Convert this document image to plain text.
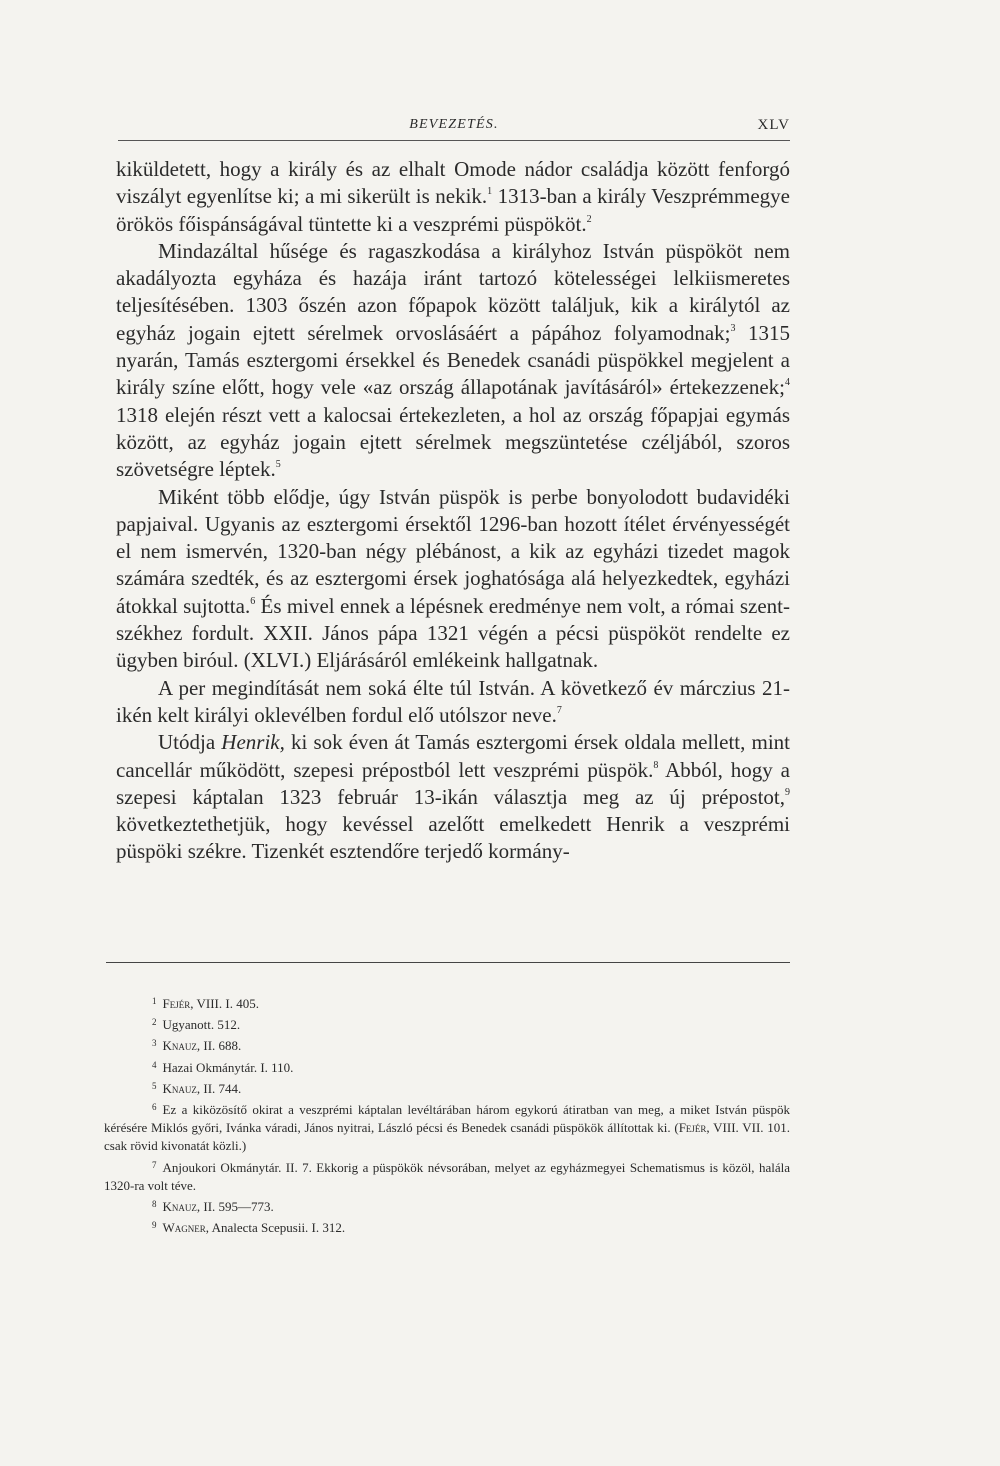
BEVEZETÉS.	XLV

kiküldetett, hogy a király és az elhalt Omode nádor családja között fenforgó viszályt egyenlítse ki; a mi sikerült is nekik.$^1$ 1313-ban a király Veszprémmegye örökös főispánságával tüntette ki a veszprémi püspököt.$^2$

Mindazáltal hűsége és ragaszkodása a királyhoz István püspököt nem akadályozta egyháza és hazája iránt tartozó kötelességei lelkiismeretes teljesítésében. 1303 őszén azon főpapok között találjuk, kik a királytól az egyház jogain ejtett sérelmek orvoslásáért a pápához folyamodnak;$^3$ 1315 nyarán, Tamás esztergomi érsekkel és Benedek csanádi püspökkel megjelent a király színe előtt, hogy vele «az ország állapotának javításáról» értekezzenek;$^4$ 1318 elején részt vett a kalocsai értekezleten, a hol az ország főpapjai egymás között, az egyház jogain ejtett sérelmek megszüntetése czéljából, szoros szövetségre léptek.$^5$

Miként több elődje, úgy István püspök is perbe bonyolodott budavidéki papjaival. Ugyanis az esztergomi érsektől 1296-ban hozott ítélet érvényességét el nem ismervén, 1320-ban négy plébánost, a kik az egyházi tizedet magok számára szedték, és az esztergomi érsek joghatósága alá helyezkedtek, egyházi átokkal sujtotta.$^6$ És mivel ennek a lépésnek eredménye nem volt, a római szent-székhez fordult. XXII. János pápa 1321 végén a pécsi püspököt rendelte ez ügyben biróul. (XLVI.) Eljárásáról emlékeink hallgatnak.

A per megindítását nem soká élte túl István. A következő év márczius 21-ikén kelt királyi oklevélben fordul elő utólszor neve.$^7$

Utódja Henrik, ki sok éven át Tamás esztergomi érsek oldala mellett, mint cancellár működött, szepesi prépostból lett veszprémi püspök.$^8$ Abból, hogy a szepesi káptalan 1323 február 13-ikán választja meg az új prépostot,$^9$ következtethetjük, hogy kevéssel azelőtt emelkedett Henrik a veszprémi püspöki székre. Tizenkét esztendőre terjedő kormány-

$^1$ Fejér, VIII. I. 405.
$^2$ Ugyanott. 512.
$^3$ Knauz, II. 688.
$^4$ Hazai Okmánytár. I. 110.
$^5$ Knauz, II. 744.
$^6$ Ez a kiközösítő okirat a veszprémi káptalan levéltárában három egykorú átiratban van meg, a miket István püspök kérésére Miklós győri, Ivánka váradi, János nyitrai, László pécsi és Benedek csanádi püspökök állítottak ki. (Fejér, VIII. VII. 101. csak rövid kivonatát közli.)
$^7$ Anjoukori Okmánytár. II. 7. Ekkorig a püspökök névsorában, melyet az egyházmegyei Schematismus is közöl, halála 1320-ra volt téve.
$^8$ Knauz, II. 595—773.
$^9$ Wagner, Analecta Scepusii. I. 312.
